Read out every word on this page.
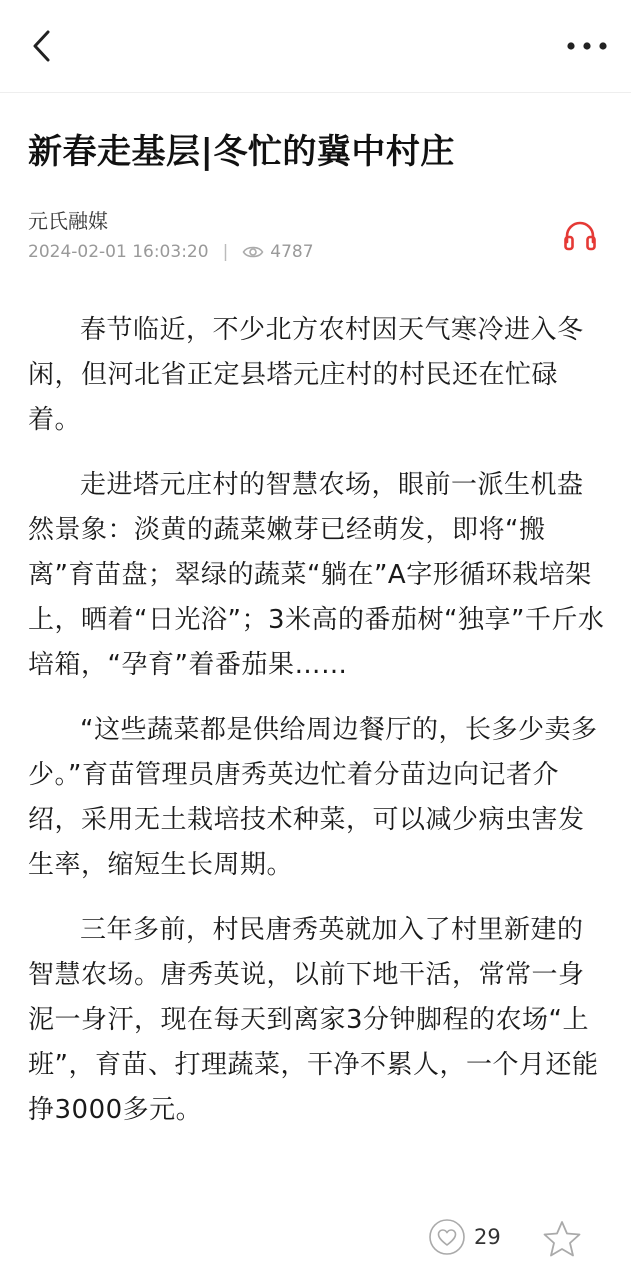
新春走基层|冬忙的冀中村庄
元氏融媒
2024-02-01 16:03:20 | 4787

春节临近，不少北方农村因天气寒冷进入冬闲，但河北省正定县塔元庄村的村民还在忙碌着。

走进塔元庄村的智慧农场，眼前一派生机盎然景象：淡黄的蔬菜嫩芽已经萌发，即将“搬离”育苗盘；翠绿的蔬菜“躺在”A字形循环栽培架上，晒着“日光浴”；3米高的番茄树“独享”千斤水培箱，“孕育”着番茄果……

“这些蔬菜都是供给周边餐厅的，长多少卖多少。”育苗管理员唐秀英边忙着分苗边向记者介绍，采用无土栽培技术种菜，可以减少病虫害发生率，缩短生长周期。

三年多前，村民唐秀英就加入了村里新建的智慧农场。唐秀英说，以前下地干活，常常一身泥一身汗，现在每天到离家3分钟脚程的农场“上班”，育苗、打理蔬菜，干净不累人，一个月还能挣3000多元。

29
